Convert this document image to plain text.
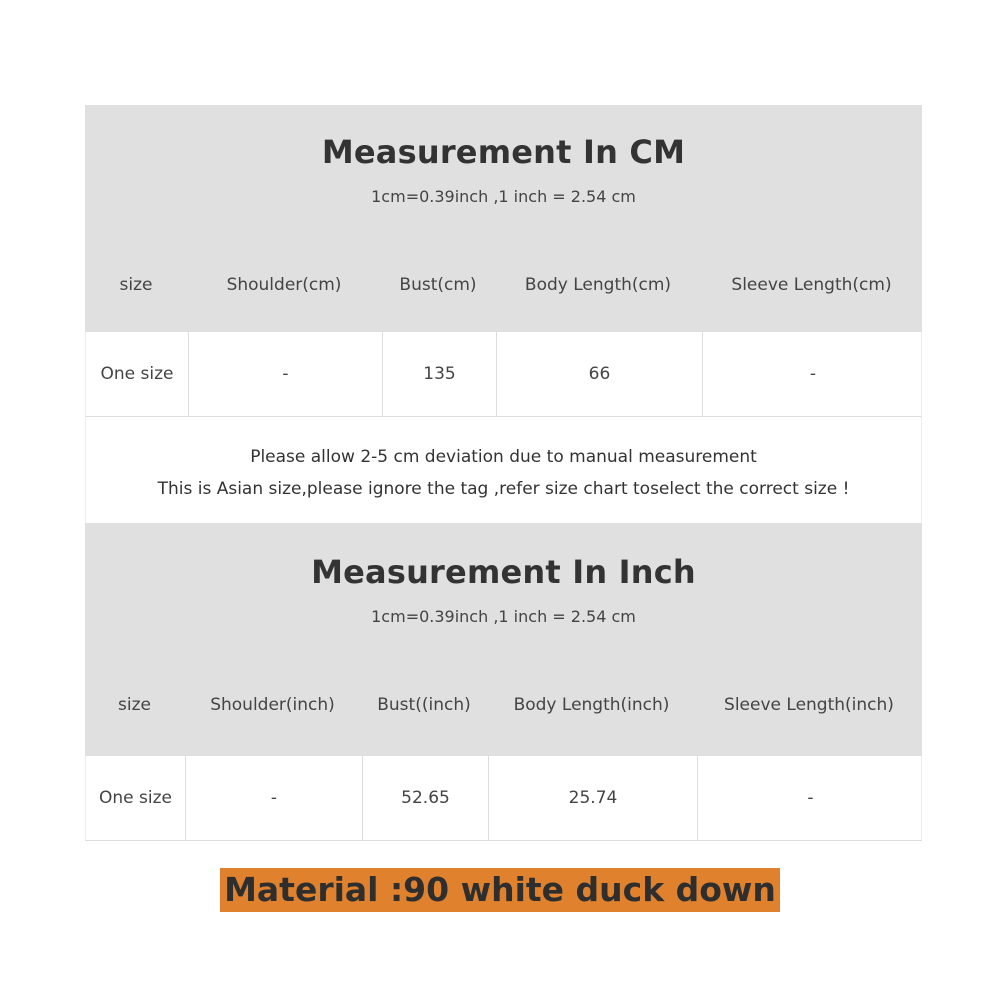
Measurement In CM
1cm=0.39inch ,1 inch = 2.54 cm
size	Shoulder(cm)	Bust(cm)	Body Length(cm)	Sleeve Length(cm)
One size	-	135	66	-
Please allow 2-5 cm deviation due to manual measurement
This is Asian size,please ignore the tag ,refer size chart toselect the correct size !
Measurement In Inch
1cm=0.39inch ,1 inch = 2.54 cm
size	Shoulder(inch)	Bust((inch)	Body Length(inch)	Sleeve Length(inch)
One size	-	52.65	25.74	-
Material :90 white duck down
